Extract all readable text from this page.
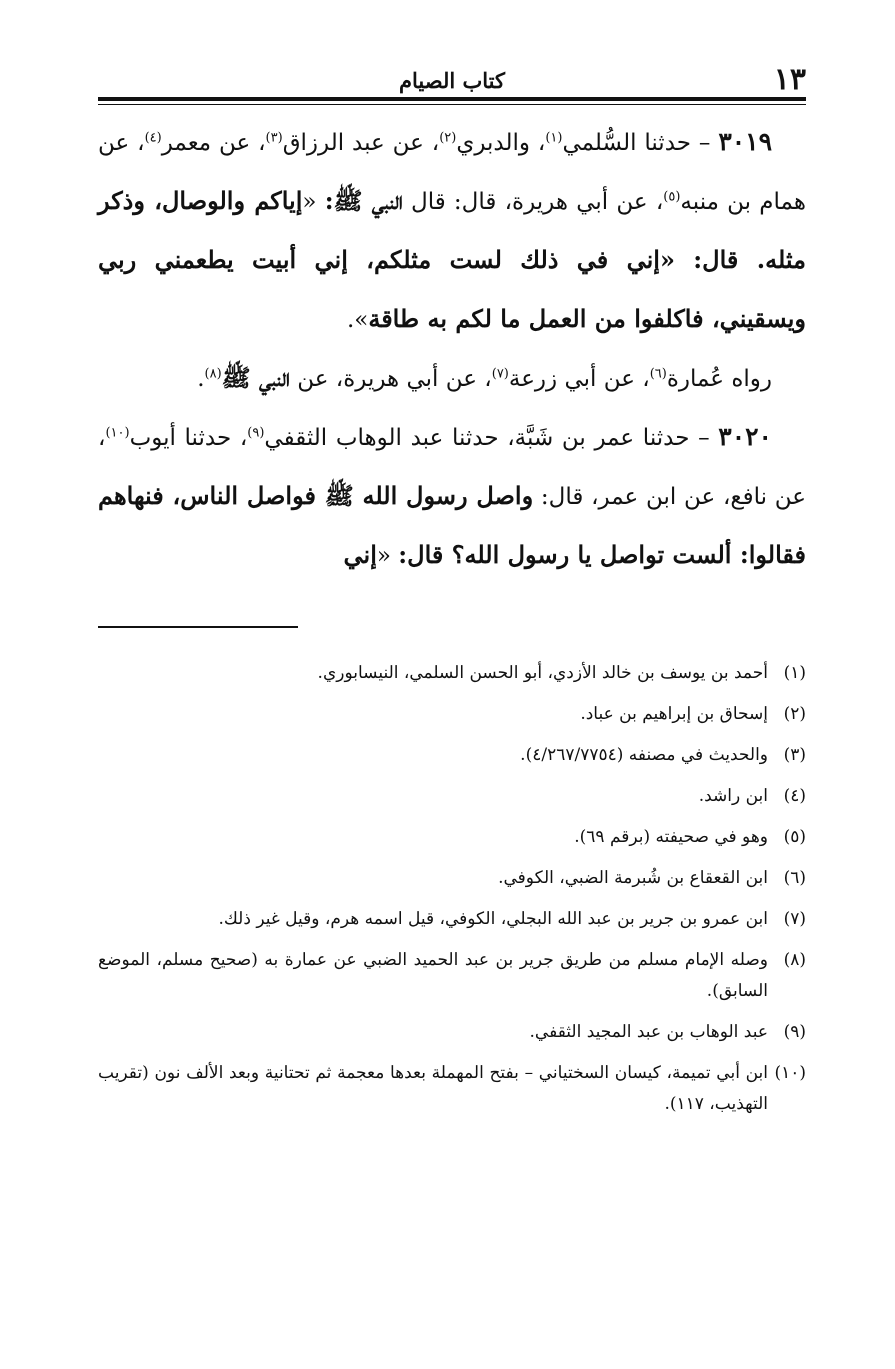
١٣
كتاب الصيام

٣٠١٩ – حدثنا السُّلمي$^{(١)}$، والدبري$^{(٢)}$، عن عبد الرزاق$^{(٣)}$، عن معمر$^{(٤)}$، عن همام بن منبه$^{(٥)}$، عن أبي هريرة، قال: قال النبي ﷺ: «إياكم والوصال، وذكر مثله. قال: «إني في ذلك لست مثلكم، إني أبيت يطعمني ربي ويسقيني، فاكلفوا من العمل ما لكم به طاقة».

رواه عُمارة$^{(٦)}$، عن أبي زرعة$^{(٧)}$، عن أبي هريرة، عن النبي ﷺ$^{(٨)}$.

٣٠٢٠ – حدثنا عمر بن شَبَّة، حدثنا عبد الوهاب الثقفي$^{(٩)}$، حدثنا أيوب$^{(١٠)}$، عن نافع، عن ابن عمر، قال: واصل رسول الله ﷺ فواصل الناس، فنهاهم فقالوا: ألست تواصل يا رسول الله؟ قال: «إني

(١)أحمد بن يوسف بن خالد الأزدي، أبو الحسن السلمي، النيسابوري.

(٢)إسحاق بن إبراهيم بن عباد.

(٣)والحديث في مصنفه (٤/٢٦٧/٧٧٥٤).

(٤)ابن راشد.

(٥)وهو في صحيفته (برقم ٦٩).

(٦)ابن القعقاع بن شُبرمة الضبي، الكوفي.

(٧)ابن عمرو بن جرير بن عبد الله البجلي، الكوفي، قيل اسمه هرم، وقيل غير ذلك.

(٨)وصله الإمام مسلم من طريق جرير بن عبد الحميد الضبي عن عمارة به (صحيح مسلم، الموضع السابق).

(٩)عبد الوهاب بن عبد المجيد الثقفي.

(١٠)ابن أبي تميمة، كيسان السختياني – بفتح المهملة بعدها معجمة ثم تحتانية وبعد الألف نون (تقريب التهذيب، ١١٧).
